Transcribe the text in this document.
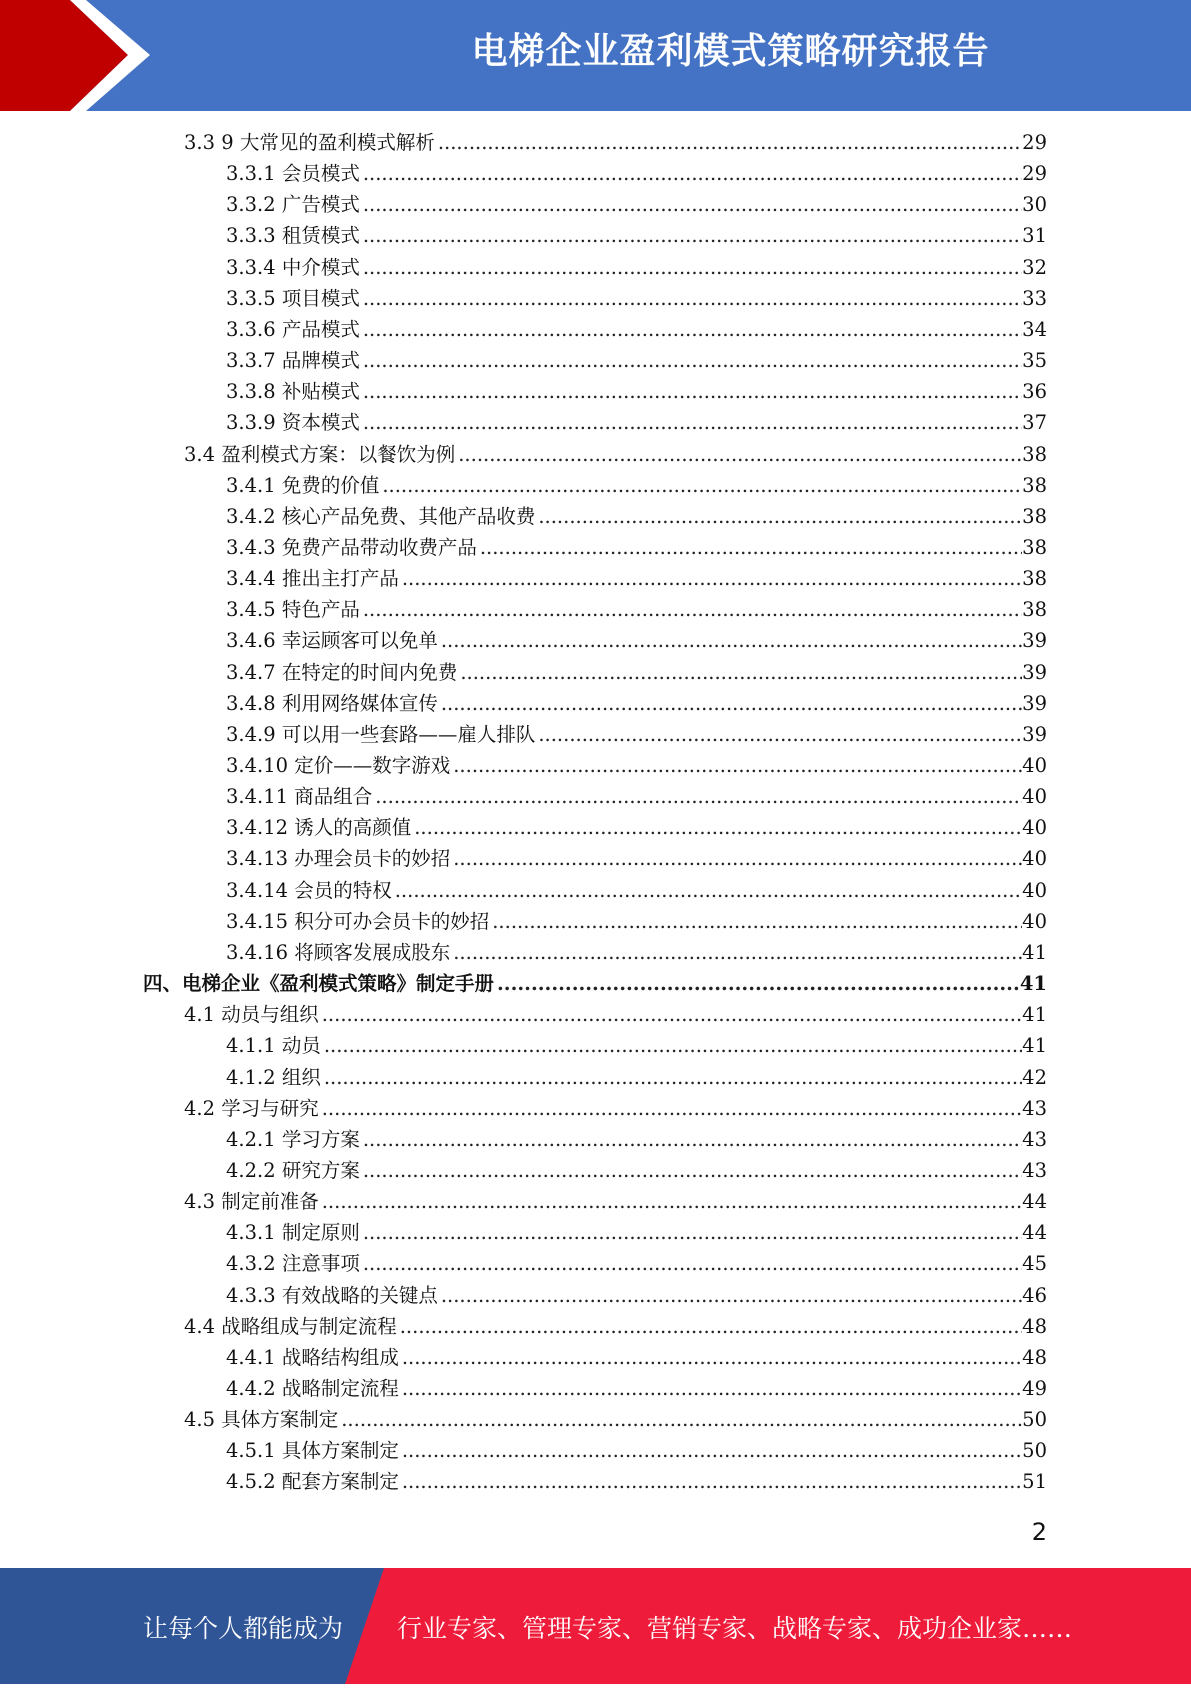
电梯企业盈利模式策略研究报告
3.3 9 大常见的盈利模式解析 .....	29
3.3.1 会员模式 .....	29
3.3.2 广告模式 .....	30
3.3.3 租赁模式 .....	31
3.3.4 中介模式 .....	32
3.3.5 项目模式 .....	33
3.3.6 产品模式 .....	34
3.3.7 品牌模式 .....	35
3.3.8 补贴模式 .....	36
3.3.9 资本模式 .....	37
3.4 盈利模式方案：以餐饮为例 .....	38
3.4.1 免费的价值 .....	38
3.4.2 核心产品免费、其他产品收费 .....	38
3.4.3 免费产品带动收费产品 .....	38
3.4.4 推出主打产品 .....	38
3.4.5 特色产品 .....	38
3.4.6 幸运顾客可以免单 .....	39
3.4.7 在特定的时间内免费 .....	39
3.4.8 利用网络媒体宣传 .....	39
3.4.9 可以用一些套路——雇人排队 .....	39
3.4.10 定价——数字游戏 .....	40
3.4.11 商品组合 .....	40
3.4.12 诱人的高颜值 .....	40
3.4.13 办理会员卡的妙招 .....	40
3.4.14 会员的特权 .....	40
3.4.15 积分可办会员卡的妙招 .....	40
3.4.16 将顾客发展成股东 .....	41
四、电梯企业《盈利模式策略》制定手册 .....	41
4.1 动员与组织 .....	41
4.1.1 动员 .....	41
4.1.2 组织 .....	42
4.2 学习与研究 .....	43
4.2.1 学习方案 .....	43
4.2.2 研究方案 .....	43
4.3 制定前准备 .....	44
4.3.1 制定原则 .....	44
4.3.2 注意事项 .....	45
4.3.3 有效战略的关键点 .....	46
4.4 战略组成与制定流程 .....	48
4.4.1 战略结构组成 .....	48
4.4.2 战略制定流程 .....	49
4.5 具体方案制定 .....	50
4.5.1 具体方案制定 .....	50
4.5.2 配套方案制定 .....	51
2
让每个人都能成为 行业专家、管理专家、营销专家、战略专家、成功企业家……
